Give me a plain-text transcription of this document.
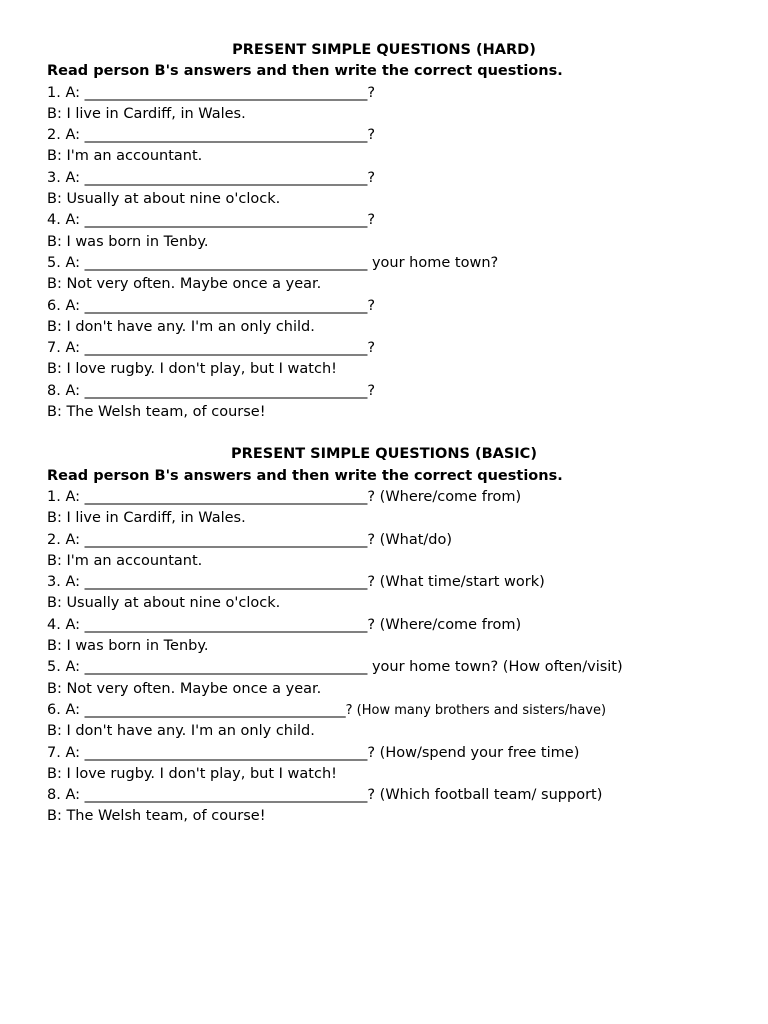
PRESENT SIMPLE QUESTIONS (HARD)

Read person B's answers and then write the correct questions.

1. A: _______________________________________?

B: I live in Cardiff, in Wales.

2. A: _______________________________________?

B: I'm an accountant.

3. A: _______________________________________?

B: Usually at about nine o'clock.

4. A: _______________________________________?

B: I was born in Tenby.

5. A: _______________________________________ your home town?

B: Not very often. Maybe once a year.

6. A: _______________________________________?

B: I don't have any. I'm an only child.

7. A: _______________________________________?

B: I love rugby. I don't play, but I watch!

8. A: _______________________________________?

B: The Welsh team, of course!

PRESENT SIMPLE QUESTIONS (BASIC)

Read person B's answers and then write the correct questions.

1. A: _______________________________________? (Where/come from)

B: I live in Cardiff, in Wales.

2. A: _______________________________________? (What/do)

B: I'm an accountant.

3. A: _______________________________________? (What time/start work)

B: Usually at about nine o'clock.

4. A: _______________________________________? (Where/come from)

B: I was born in Tenby.

5. A: _______________________________________ your home town? (How often/visit)

B: Not very often. Maybe once a year.

6. A: ____________________________________? (How many brothers and sisters/have)

B: I don't have any. I'm an only child.

7. A: _______________________________________? (How/spend your free time)

B: I love rugby. I don't play, but I watch!

8. A: _______________________________________? (Which football team/ support)

B: The Welsh team, of course!
